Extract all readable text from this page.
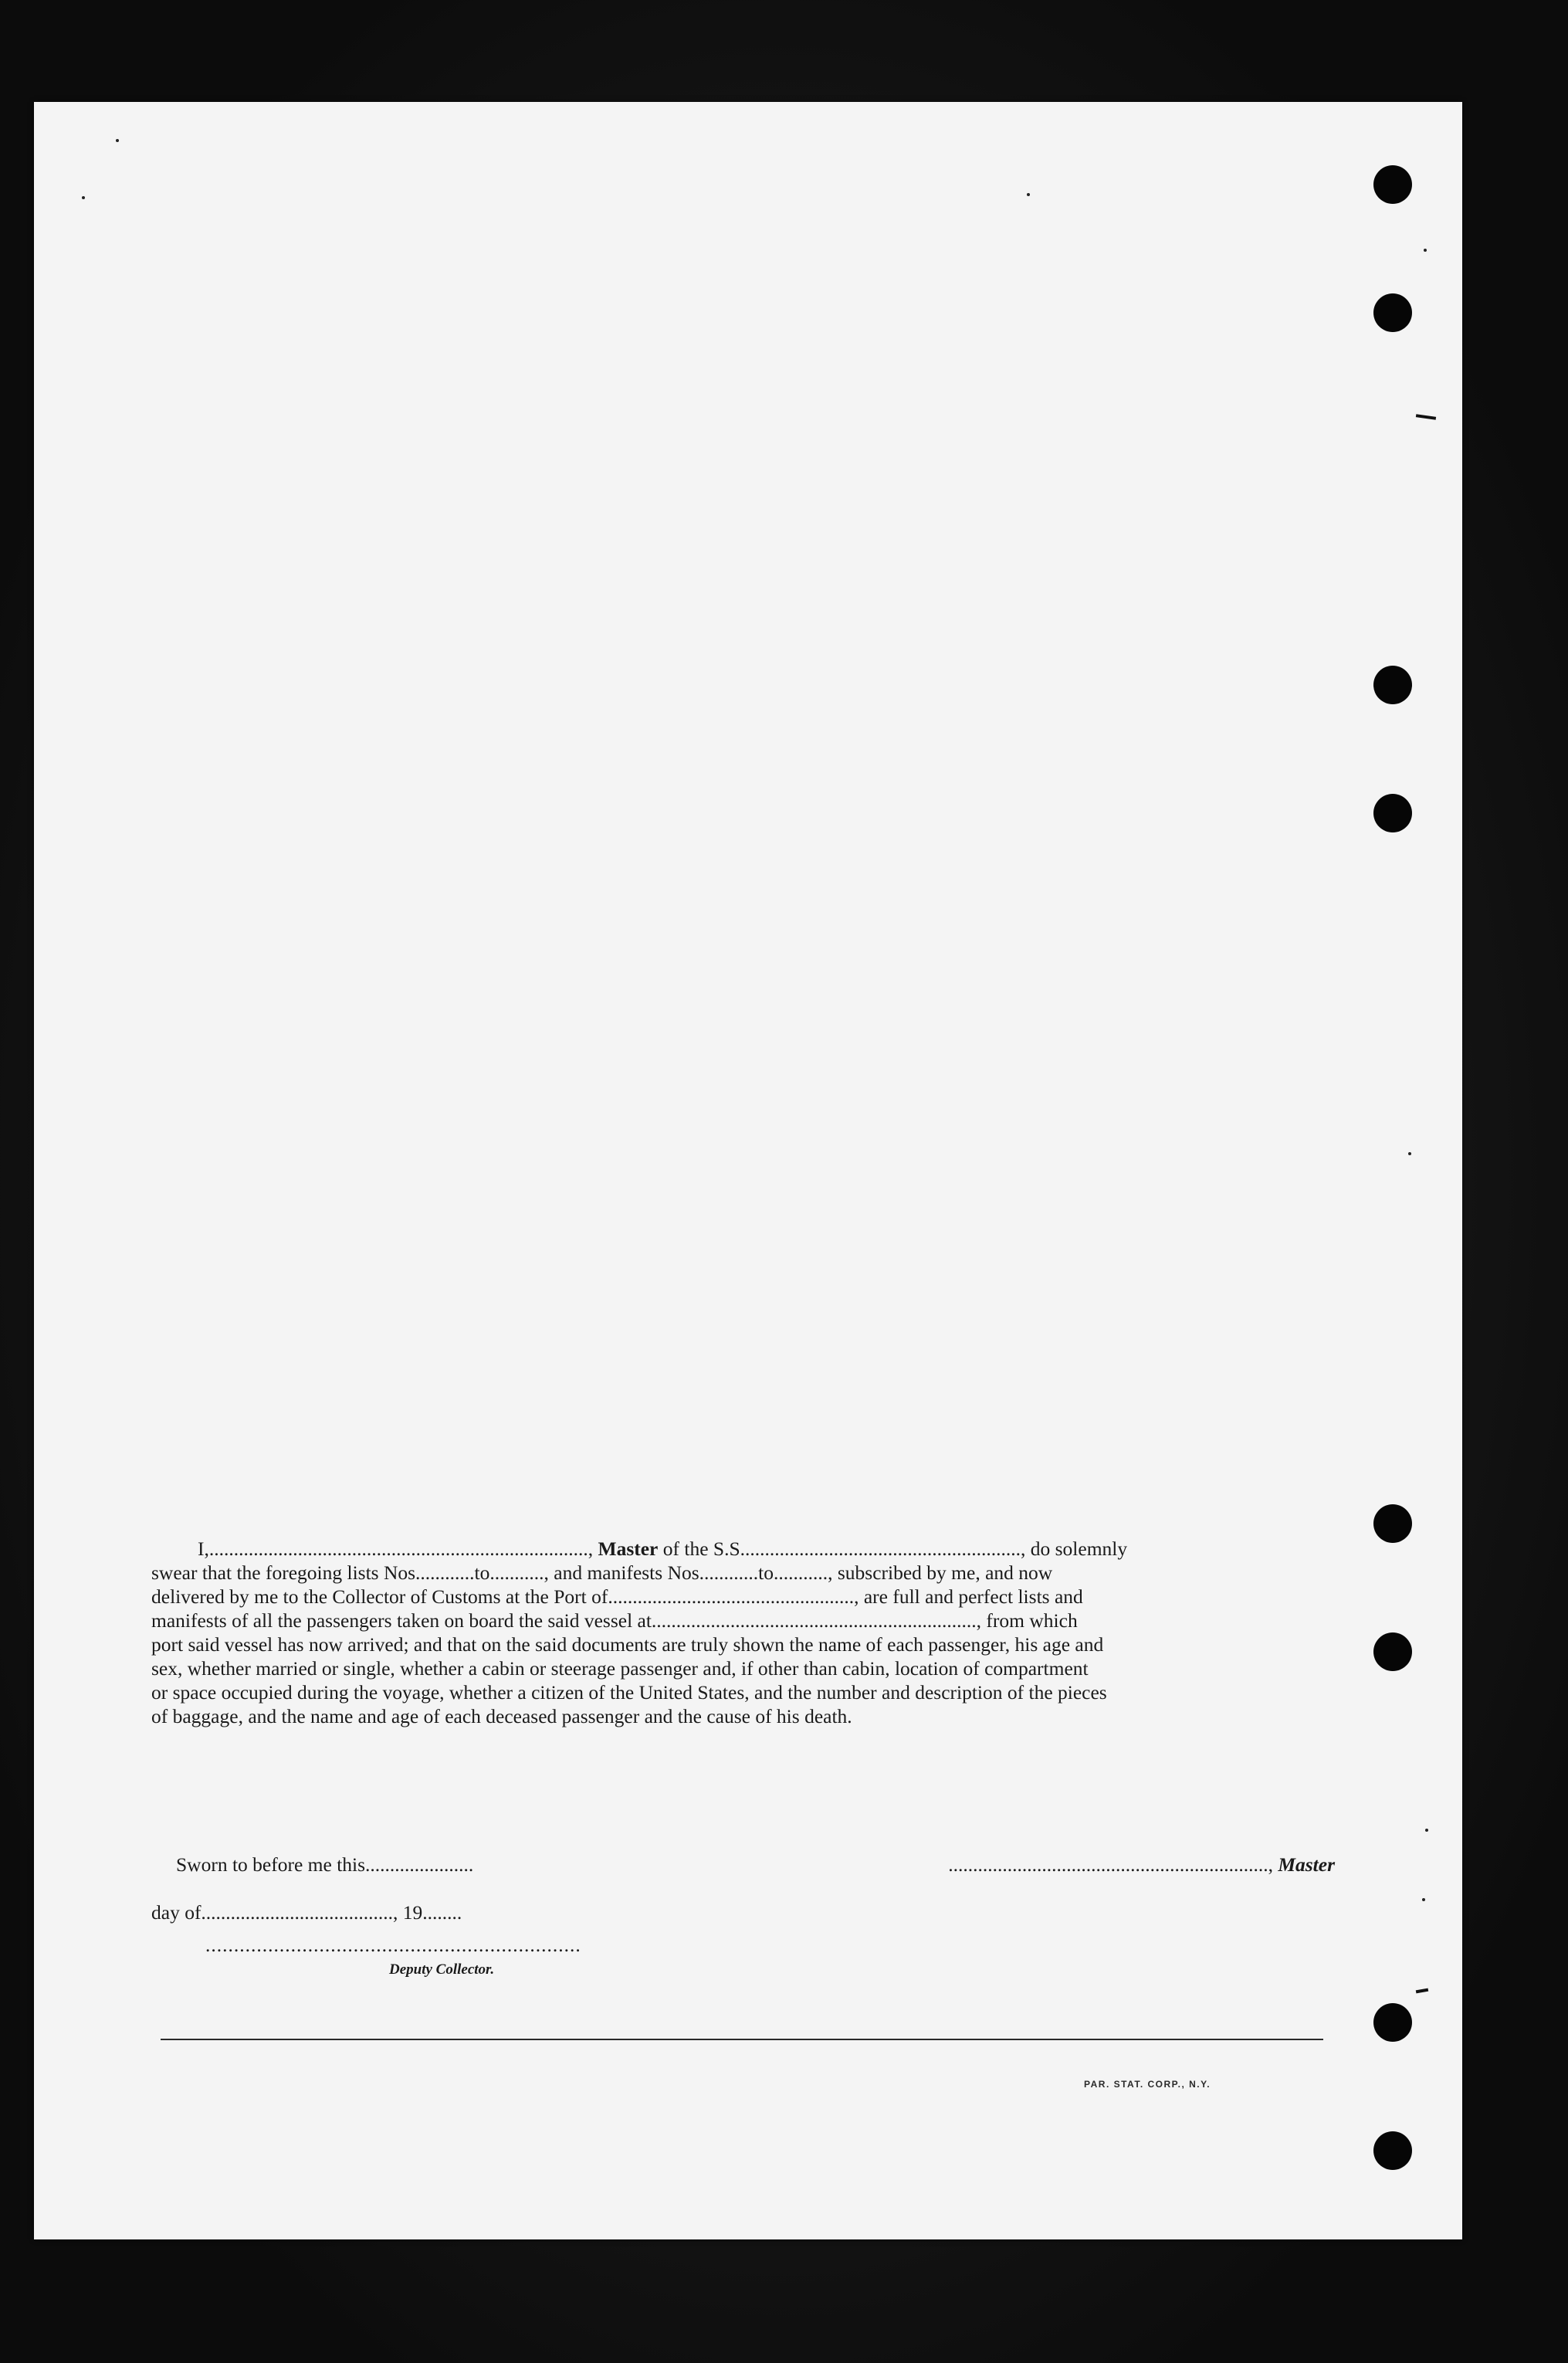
I,............................................................................., Master of the S.S........................................................., do solemnly
swear that the foregoing lists Nos............to..........., and manifests Nos............to..........., subscribed by me, and now
delivered by me to the Collector of Customs at the Port of.................................................., are full and perfect lists and
manifests of all the passengers taken on board the said vessel at.................................................................., from which
port said vessel has now arrived; and that on the said documents are truly shown the name of each passenger, his age and
sex, whether married or single, whether a cabin or steerage passenger and, if other than cabin, location of compartment
or space occupied during the voyage, whether a citizen of the United States, and the number and description of the pieces
of baggage, and the name and age of each deceased passenger and the cause of his death.
Sworn to before me this......................	................................................................., Master
day of......................................., 19........
..................................................................
Deputy Collector.
PAR. STAT. CORP., N.Y.
